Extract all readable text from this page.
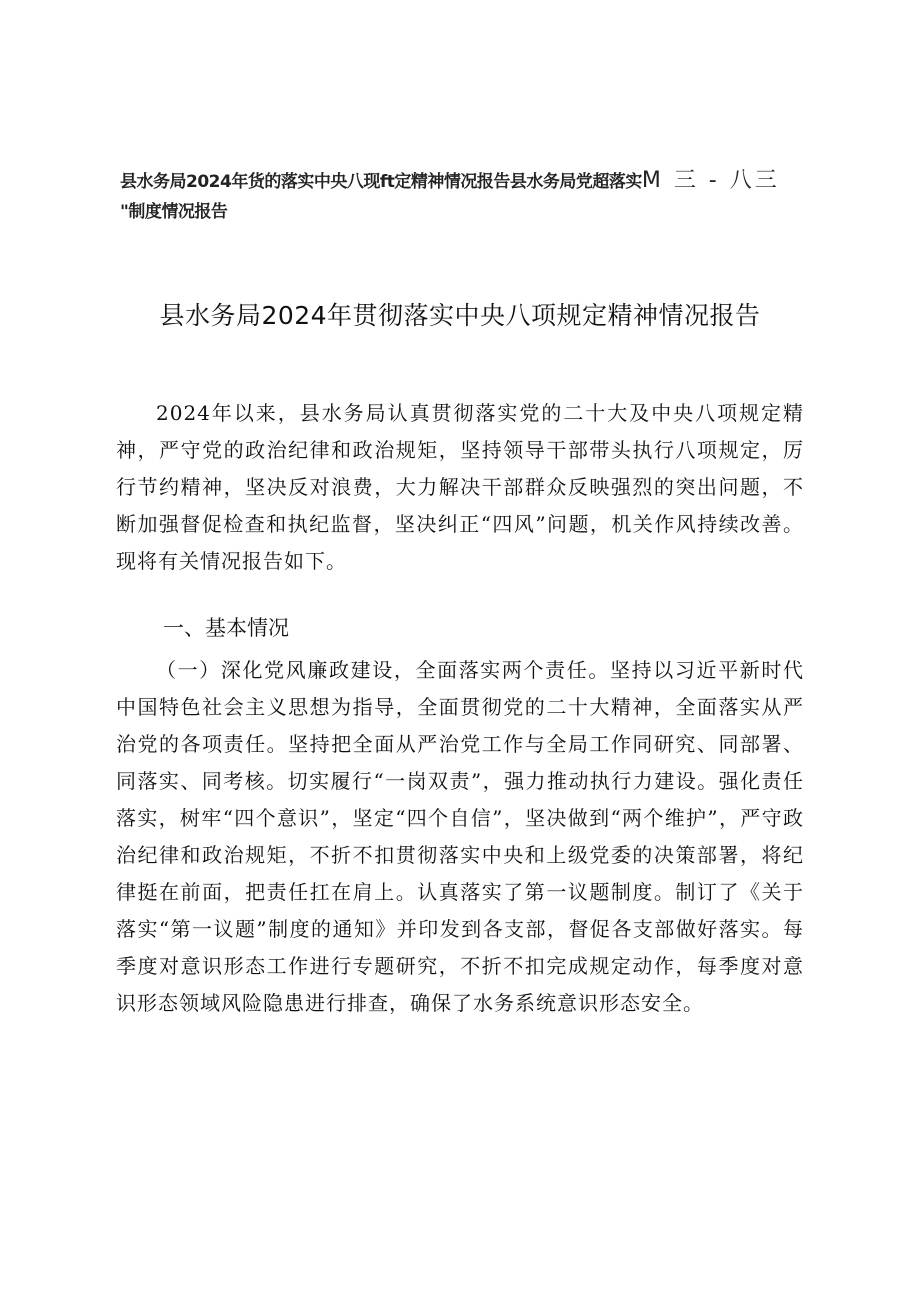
县水务局2024年货的落实中央八现ft定精神情况报告县水务局党超落实M 三 - 八三
"制度情况报告
县水务局2024年贯彻落实中央八项规定精神情况报告

2024年以来，县水务局认真贯彻落实党的二十大及中央八项规定精神，严守党的政治纪律和政治规矩，坚持领导干部带头执行八项规定，厉行节约精神，坚决反对浪费，大力解决干部群众反映强烈的突出问题，不断加强督促检查和执纪监督，坚决纠正“四风”问题，机关作风持续改善。现将有关情况报告如下。

一、基本情况

（一）深化党风廉政建设，全面落实两个责任。坚持以习近平新时代中国特色社会主义思想为指导，全面贯彻党的二十大精神，全面落实从严治党的各项责任。坚持把全面从严治党工作与全局工作同研究、同部署、同落实、同考核。切实履行“一岗双责”，强力推动执行力建设。强化责任落实，树牢“四个意识”，坚定“四个自信”，坚决做到“两个维护”，严守政治纪律和政治规矩，不折不扣贯彻落实中央和上级党委的决策部署，将纪律挺在前面，把责任扛在肩上。认真落实了第一议题制度。制订了《关于落实“第一议题”制度的通知》并印发到各支部，督促各支部做好落实。每季度对意识形态工作进行专题研究，不折不扣完成规定动作，每季度对意识形态领域风险隐患进行排查，确保了水务系统意识形态安全。
